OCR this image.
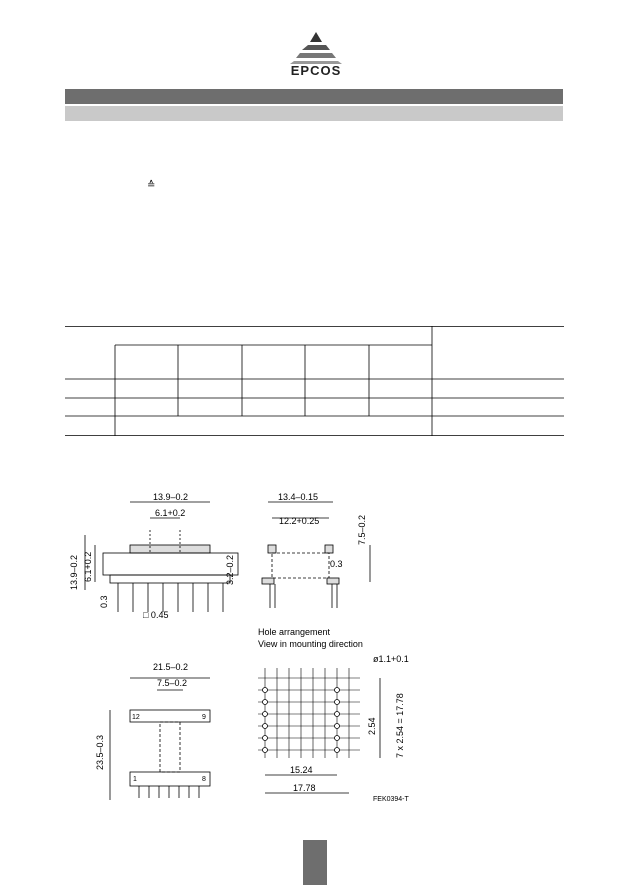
EPCOS
≙
13.9–0.2
6.1+0.2
13.9–0.2 6.1+0.2	3.2–0.2
0.3
□ 0.45
13.4–0.15
12.2+0.25	7.5–0.2
0.3
21.5–0.2
7.5–0.2
23.5–0.3
12	9
1	8
Hole arrangement
View in mounting direction
ø1.1+0.1
2.54 7 x 2.54 = 17.78
15.24
17.78
FEK0394-T
